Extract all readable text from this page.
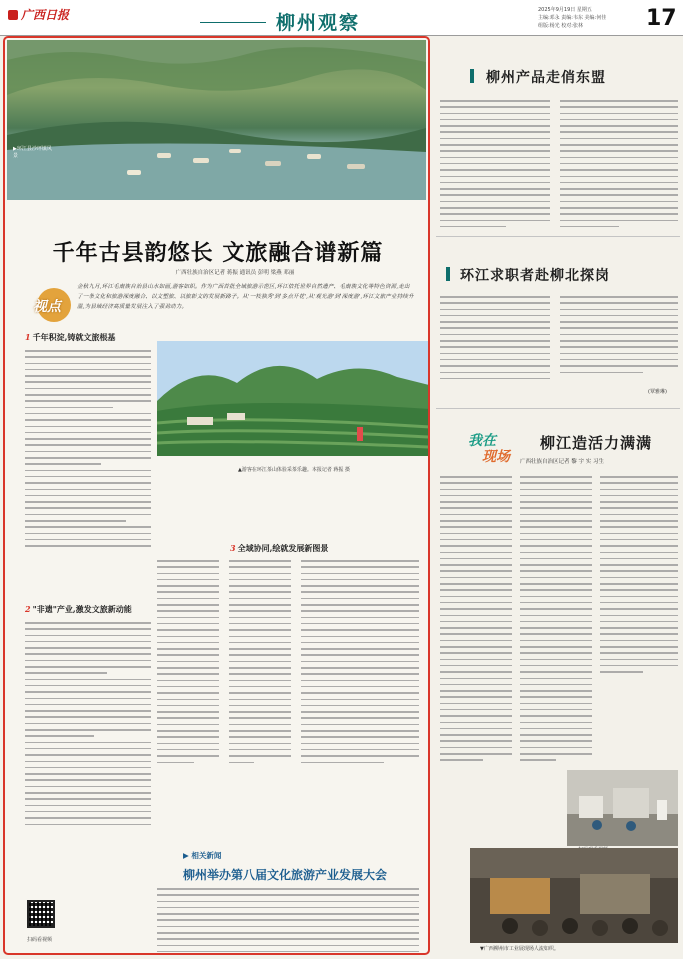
广西日报	柳州观察
2025年9月19日 星期五
主编:邓永 责编:韦东 美编:何佳
组版:杨光 校对:张林	17
▶环江县沙坪镇风景
千年古县韵悠长 文旅融合谱新篇
广西壮族自治区记者 蒋振 通讯员 彭明 梁燕 邓丽
视点

金秋九月,环江毛南族自治县山水如画,游客如织。作为广西首批全域旅游示范区,环江依托世界自然遗产、毛南族文化等特色资源,走出了一条文化和旅游深度融合、以文塑旅、以旅彰文的发展新路子。从'一枝独秀'到'多点开花',从'观光游'到'深度游',环江文旅产业持续升温,为县域经济高质量发展注入了强劲动力。

1 千年积淀,铸就文旅根基
2 "非遗"产业,激发文旅新动能
扫码看视频
▲游客在环江茶山体验采茶乐趣。本报记者 蒋振 摄
3 全域协同,绘就发展新图景
▶ 相关新闻
柳州举办第八届文化旅游产业发展大会
柳州产品走俏东盟
环江求职者赴柳北探岗
(覃雅琳)
我在
现场
柳江造活力满满
广西壮族自治区记者 黎 宇 实 习生
▼广西柳州市工业展现场人流如织。
